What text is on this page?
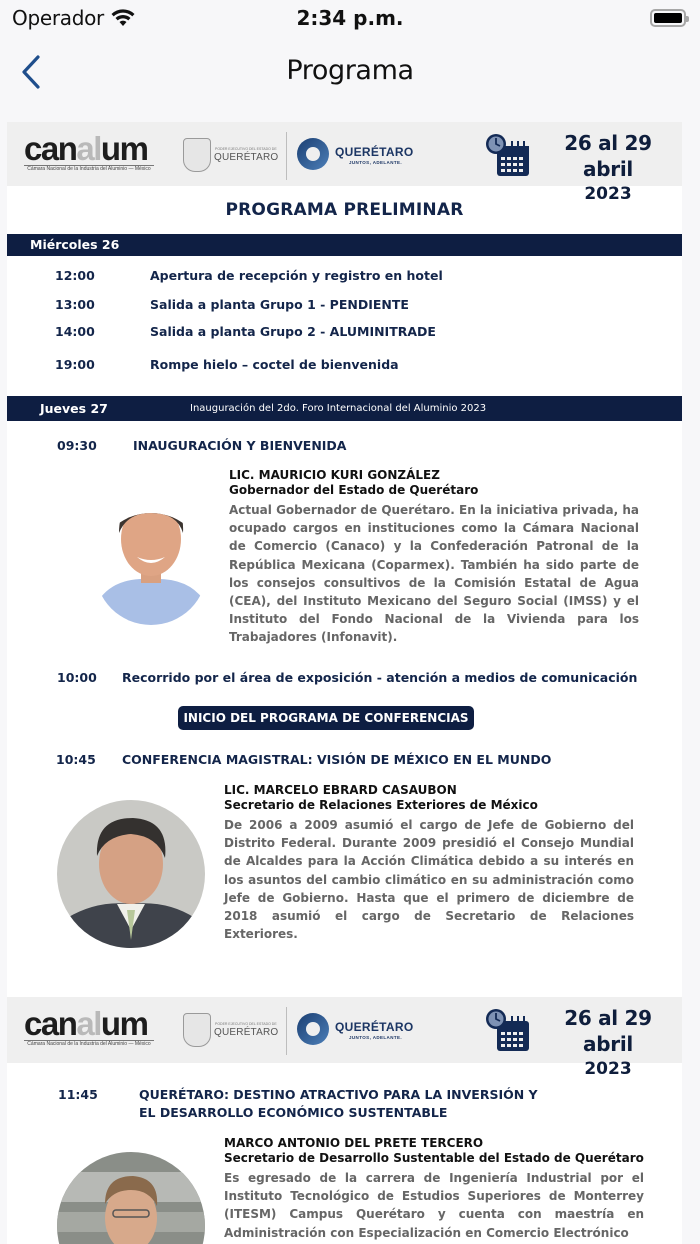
Operador	2:34 p.m.
Programa
canalum
Cámara Nacional de la Industria del Aluminio — México
PODER EJECUTIVO DEL ESTADO DE
QUERÉTARO	QUERÉTARO
JUNTOS, ADELANTE.
26 al 29 abril
2023
PROGRAMA PRELIMINAR
Miércoles 26
12:00	Apertura de recepción y registro en hotel
13:00	Salida a planta Grupo 1 - PENDIENTE
14:00	Salida a planta Grupo 2 - ALUMINITRADE
19:00	Rompe hielo – coctel de bienvenida
Jueves 27	Inauguración del 2do. Foro Internacional del Aluminio 2023
09:30	INAUGURACIÓN Y BIENVENIDA
LIC. MAURICIO KURI GONZÁLEZ
Gobernador del Estado de Querétaro
Actual Gobernador de Querétaro. En la iniciativa privada, ha ocupado cargos en instituciones como la Cámara Nacional de Comercio (Canaco) y la Confederación Patronal de la República Mexicana (Coparmex). También ha sido parte de los consejos consultivos de la Comisión Estatal de Agua (CEA), del Instituto Mexicano del Seguro Social (IMSS) y el Instituto del Fondo Nacional de la Vivienda para los Trabajadores (Infonavit).
10:00 Recorrido por el área de exposición - atención a medios de comunicación
INICIO DEL PROGRAMA DE CONFERENCIAS
10:45 CONFERENCIA MAGISTRAL: VISIÓN DE MÉXICO EN EL MUNDO
LIC. MARCELO EBRARD CASAUBON
Secretario de Relaciones Exteriores de México
De 2006 a 2009 asumió el cargo de Jefe de Gobierno del Distrito Federal. Durante 2009 presidió el Consejo Mundial de Alcaldes para la Acción Climática debido a su interés en los asuntos del cambio climático en su administración como Jefe de Gobierno. Hasta que el primero de diciembre de 2018 asumió el cargo de Secretario de Relaciones Exteriores.
canalum
Cámara Nacional de la Industria del Aluminio — México
PODER EJECUTIVO DEL ESTADO DE
QUERÉTARO	QUERÉTARO
JUNTOS, ADELANTE.
26 al 29 abril
2023
11:45	QUERÉTARO: DESTINO ATRACTIVO PARA LA INVERSIÓN Y
EL DESARROLLO ECONÓMICO SUSTENTABLE
MARCO ANTONIO DEL PRETE TERCERO
Secretario de Desarrollo Sustentable del Estado de Querétaro
Es egresado de la carrera de Ingeniería Industrial por el Instituto Tecnológico de Estudios Superiores de Monterrey (ITESM) Campus Querétaro y cuenta con maestría en Administración con Especialización en Comercio Electrónico
